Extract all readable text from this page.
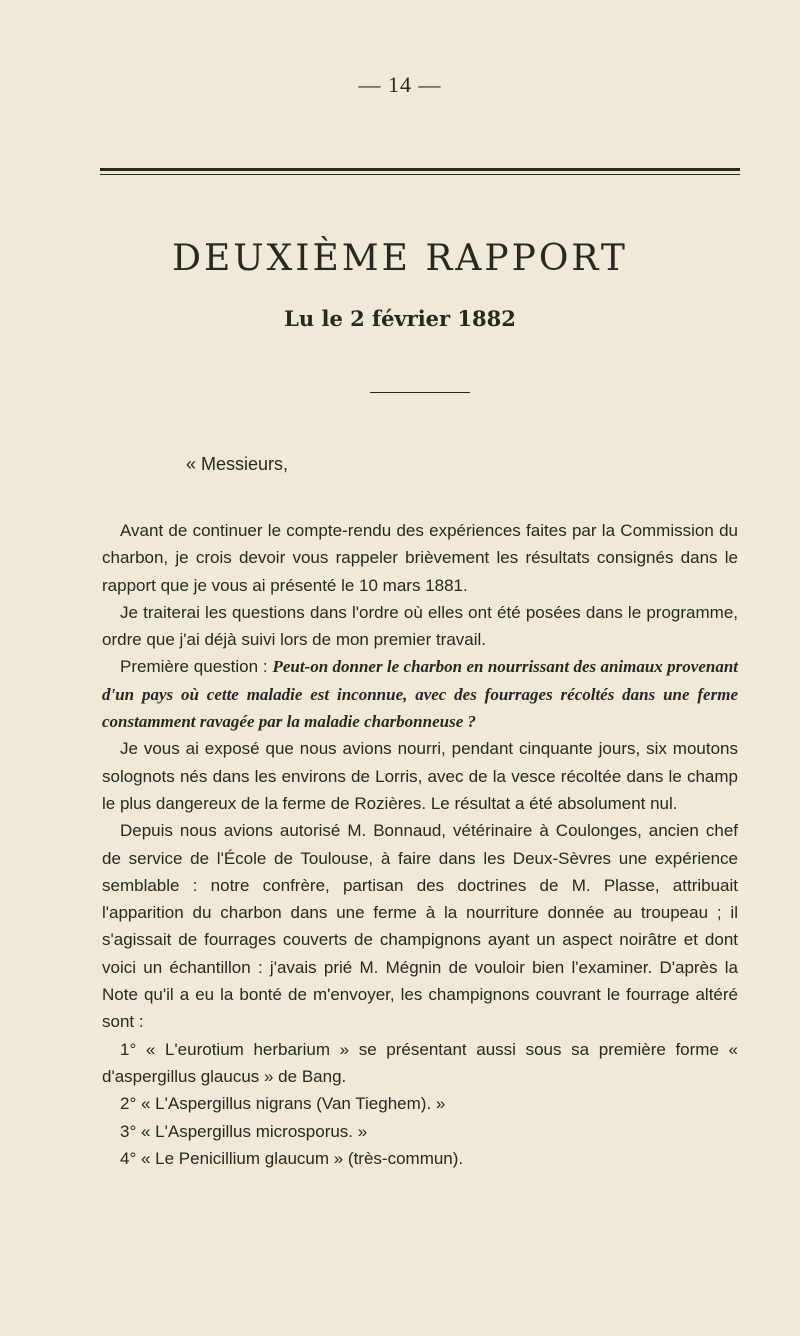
— 14 —
DEUXIÈME RAPPORT
Lu le 2 février 1882
« Messieurs,

Avant de continuer le compte-rendu des expériences faites par la Commission du charbon, je crois devoir vous rappeler brièvement les résultats consignés dans le rapport que je vous ai présenté le 10 mars 1881.

Je traiterai les questions dans l'ordre où elles ont été posées dans le programme, ordre que j'ai déjà suivi lors de mon premier travail.

Première question : Peut-on donner le charbon en nourrissant des animaux provenant d'un pays où cette maladie est inconnue, avec des fourrages récoltés dans une ferme constamment ravagée par la maladie charbonneuse ?

Je vous ai exposé que nous avions nourri, pendant cinquante jours, six moutons solognots nés dans les environs de Lorris, avec de la vesce récoltée dans le champ le plus dangereux de la ferme de Rozières. Le résultat a été absolument nul.

Depuis nous avions autorisé M. Bonnaud, vétérinaire à Coulonges, ancien chef de service de l'École de Toulouse, à faire dans les Deux-Sèvres une expérience semblable : notre confrère, partisan des doctrines de M. Plasse, attribuait l'apparition du charbon dans une ferme à la nourriture donnée au troupeau ; il s'agissait de fourrages couverts de champignons ayant un aspect noirâtre et dont voici un échantillon : j'avais prié M. Mégnin de vouloir bien l'examiner. D'après la Note qu'il a eu la bonté de m'envoyer, les champignons couvrant le fourrage altéré sont :

1° « L'eurotium herbarium » se présentant aussi sous sa première forme « d'aspergillus glaucus » de Bang.

2° « L'Aspergillus nigrans (Van Tieghem). »

3° « L'Aspergillus microsporus. »

4° « Le Penicillium glaucum » (très-commun).
